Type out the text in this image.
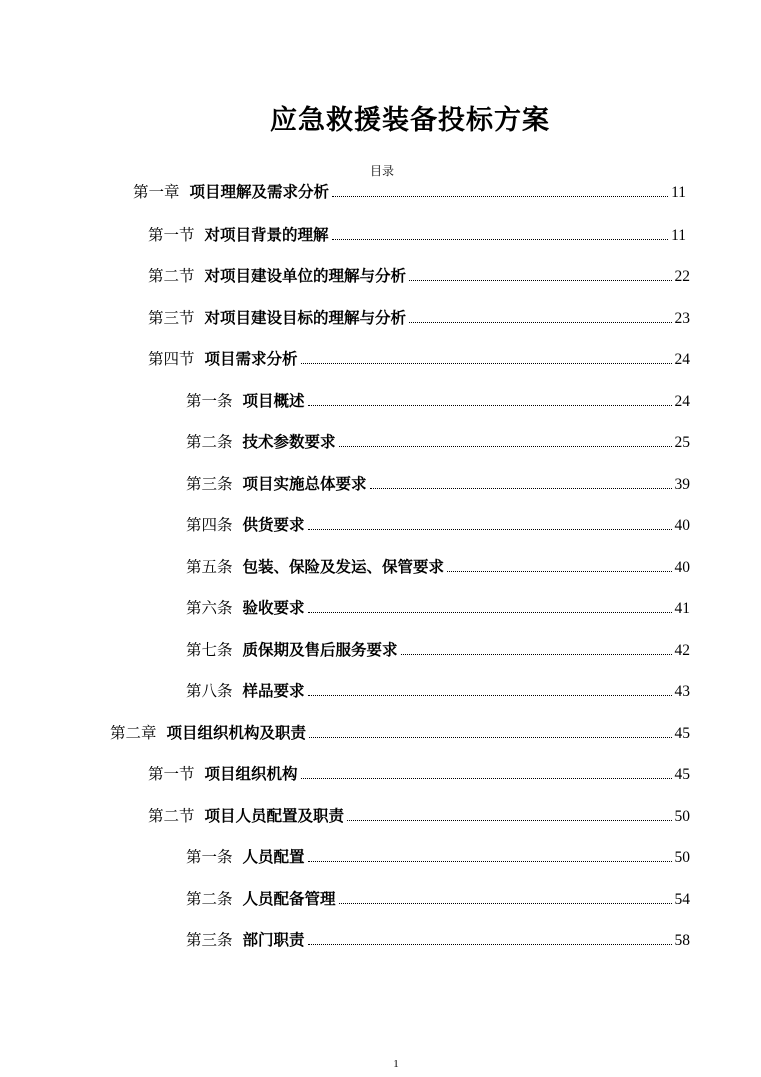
应急救援装备投标方案
目录
第一章 项目理解及需求分析	11
第一节 对项目背景的理解	11
第二节 对项目建设单位的理解与分析	22
第三节 对项目建设目标的理解与分析	23
第四节 项目需求分析	24
第一条 项目概述	24
第二条 技术参数要求	25
第三条 项目实施总体要求	39
第四条 供货要求	40
第五条 包装、保险及发运、保管要求	40
第六条 验收要求	41
第七条 质保期及售后服务要求	42
第八条 样品要求	43
第二章 项目组织机构及职责	45
第一节 项目组织机构	45
第二节 项目人员配置及职责	50
第一条 人员配置	50
第二条 人员配备管理	54
第三条 部门职责	58
1
